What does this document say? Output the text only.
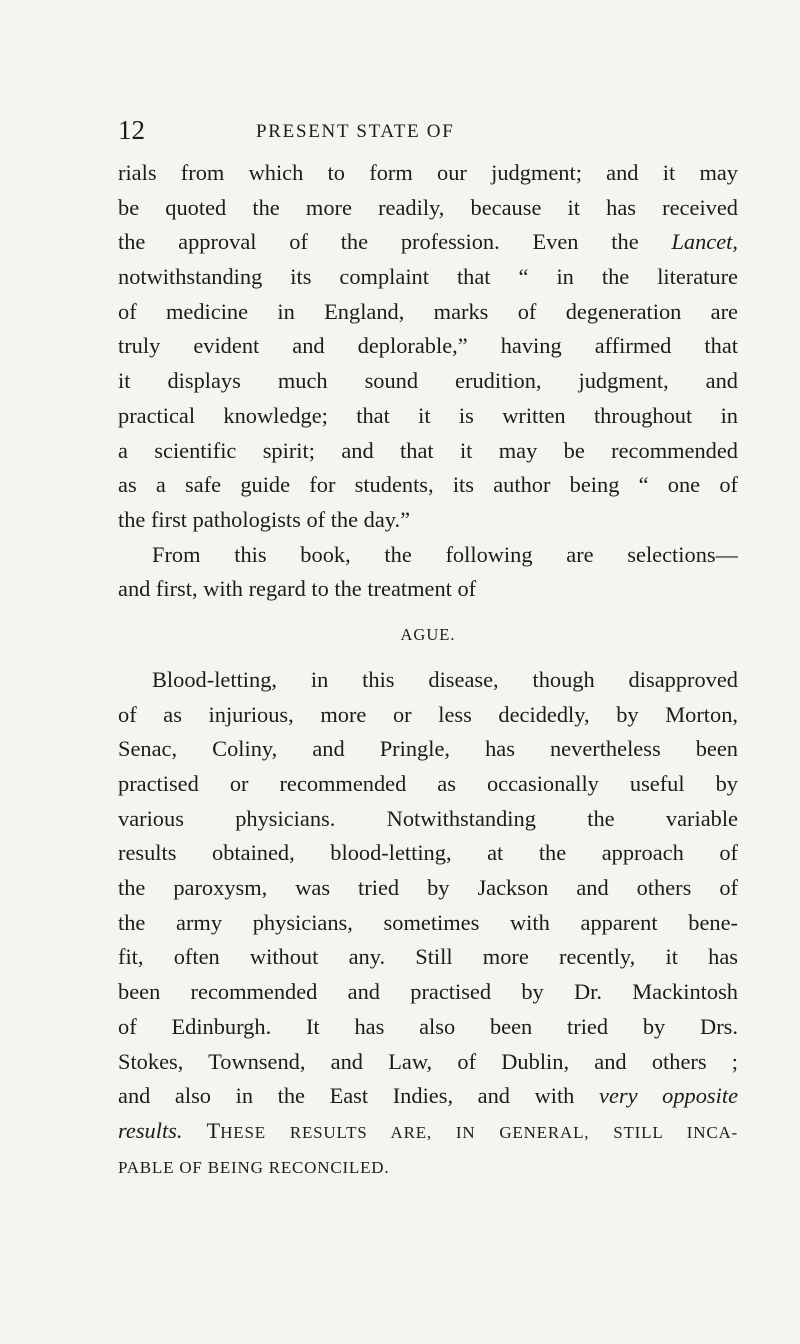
12	PRESENT STATE OF
rials from which to form our judgment; and it may
be quoted the more readily, because it has received
the approval of the profession. Even the Lancet,
notwithstanding its complaint that “ in the literature
of medicine in England, marks of degeneration are
truly evident and deplorable,” having affirmed that
it displays much sound erudition, judgment, and
practical knowledge; that it is written throughout in
a scientific spirit; and that it may be recommended
as a safe guide for students, its author being “ one of
the first pathologists of the day.”
From this book, the following are selections—
and first, with regard to the treatment of
AGUE.
Blood-letting, in this disease, though disapproved
of as injurious, more or less decidedly, by Morton,
Senac, Coliny, and Pringle, has nevertheless been
practised or recommended as occasionally useful by
various physicians. Notwithstanding the variable
results obtained, blood-letting, at the approach of
the paroxysm, was tried by Jackson and others of
the army physicians, sometimes with apparent bene-
fit, often without any. Still more recently, it has
been recommended and practised by Dr. Mackintosh
of Edinburgh. It has also been tried by Drs.
Stokes, Townsend, and Law, of Dublin, and others ;
and also in the East Indies, and with very opposite
results. THESE RESULTS ARE, IN GENERAL, STILL INCA-
PABLE OF BEING RECONCILED.
